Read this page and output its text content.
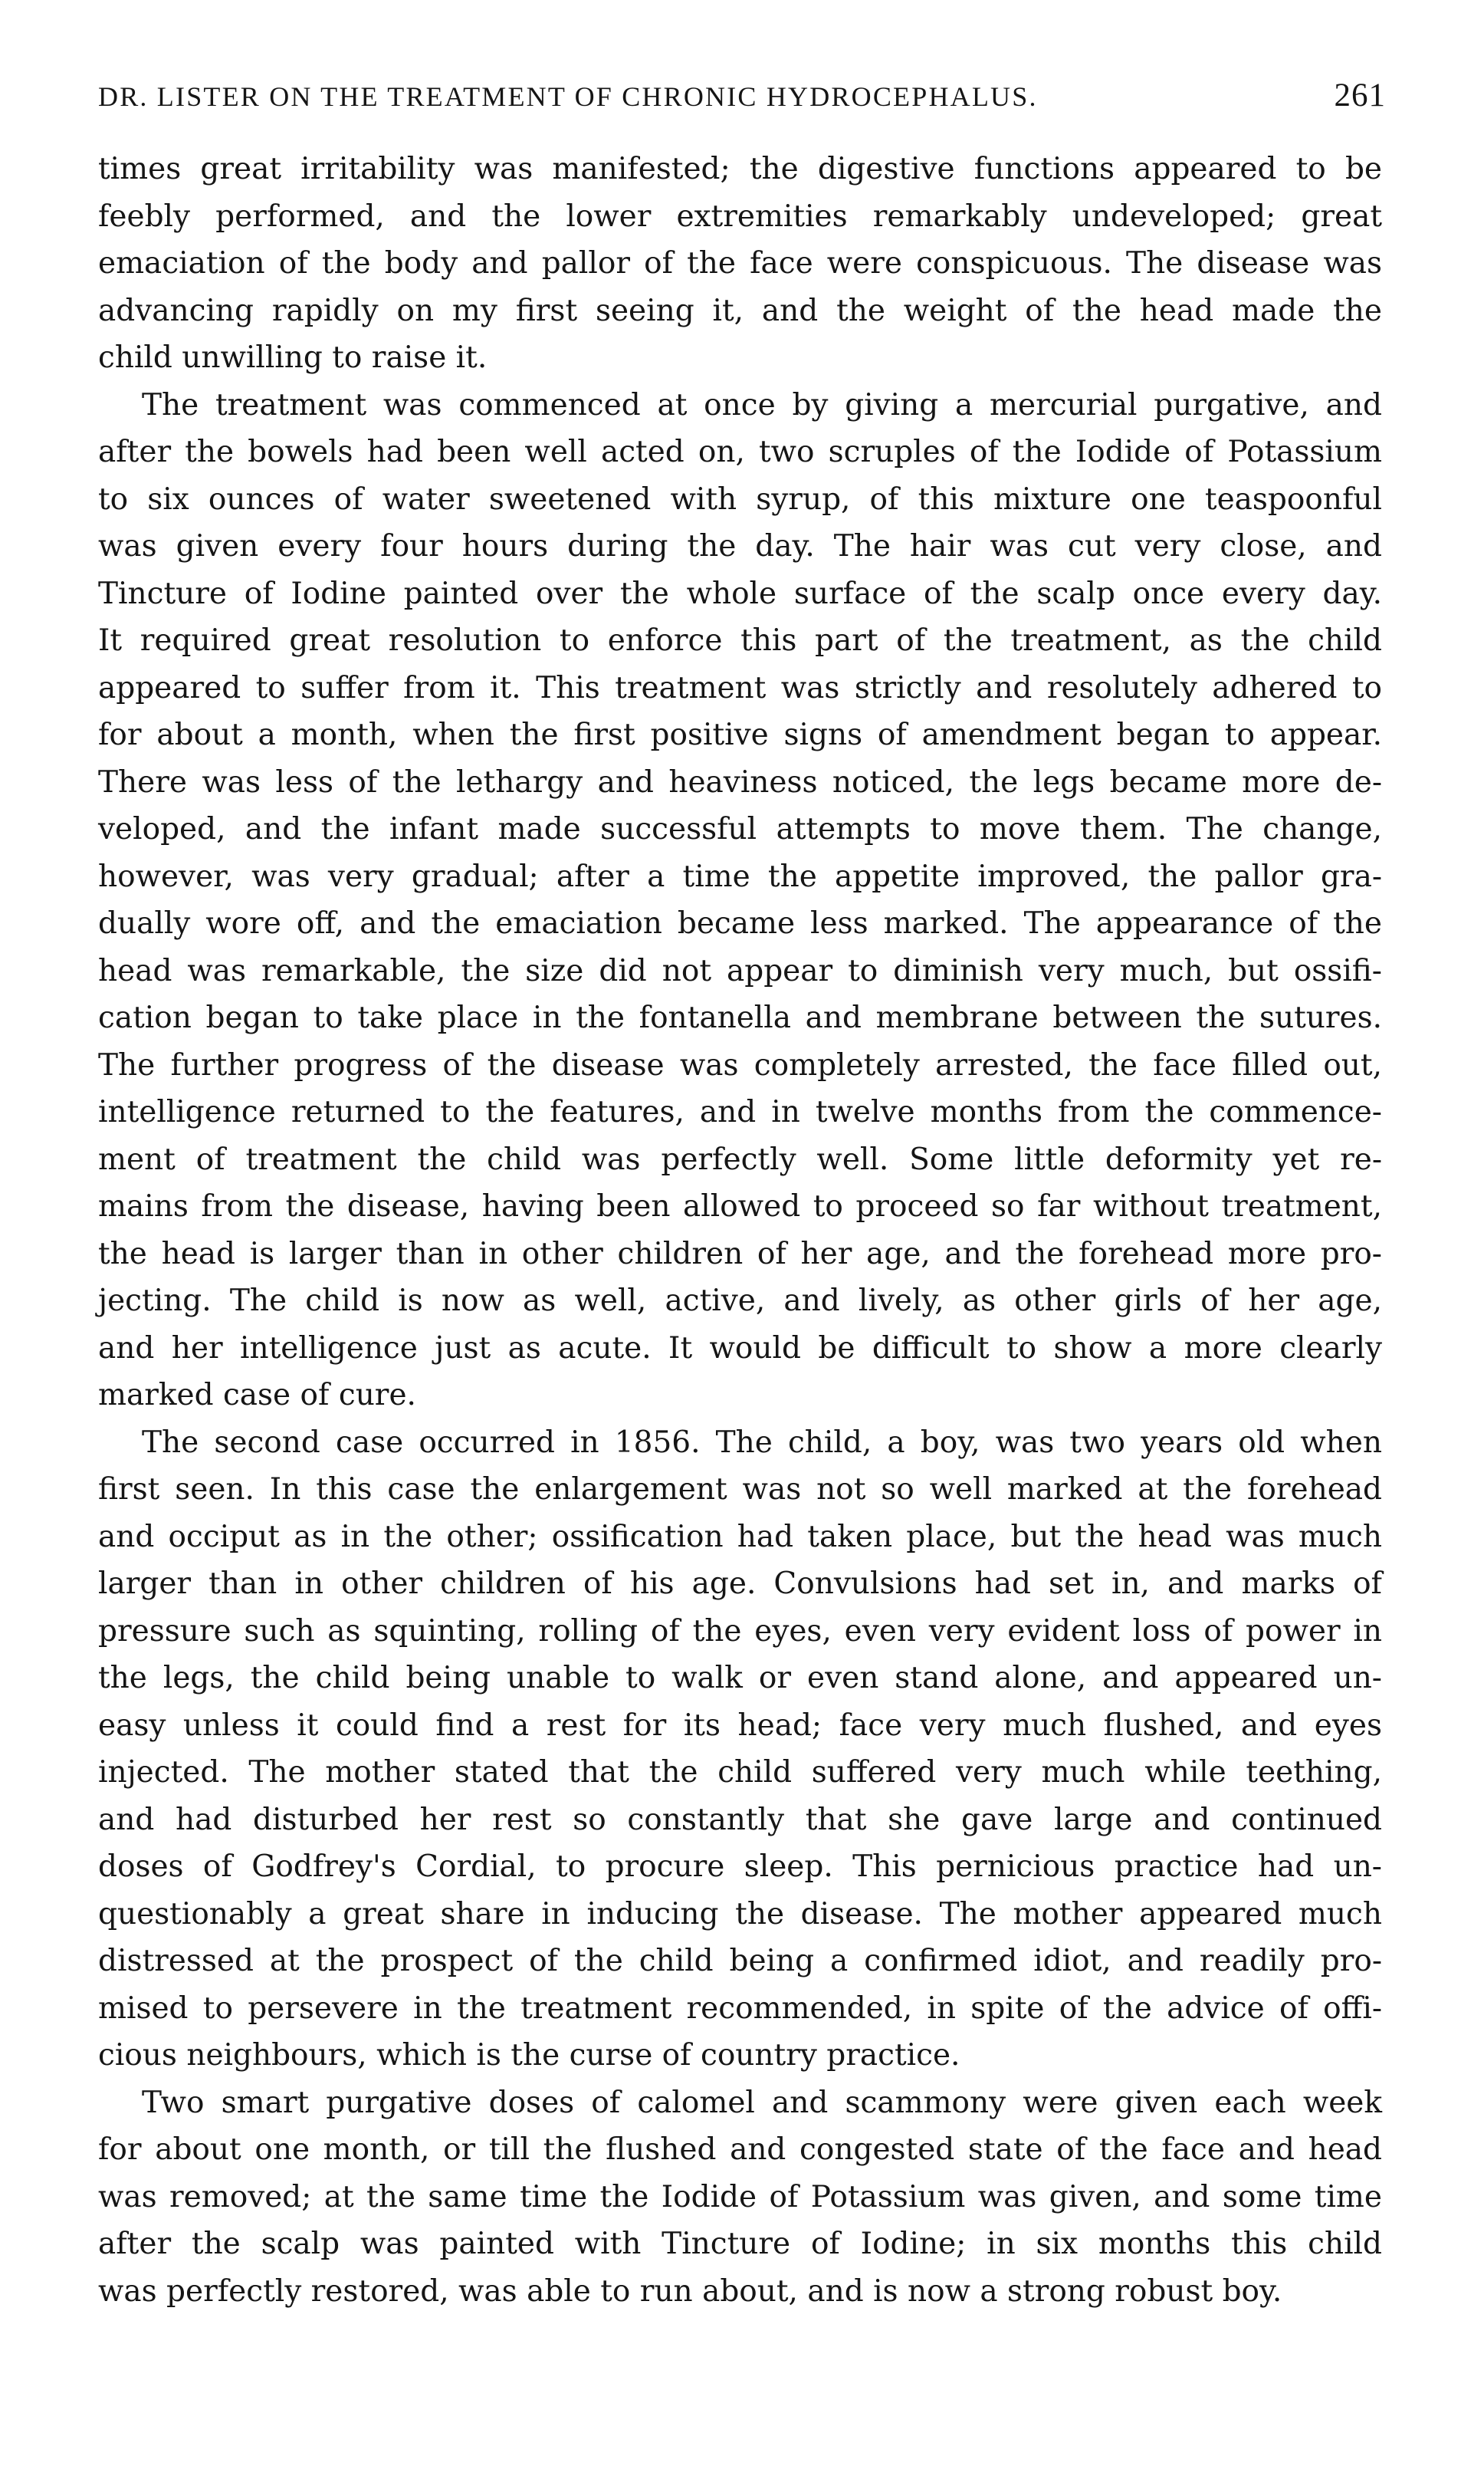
DR. LISTER ON THE TREATMENT OF CHRONIC HYDROCEPHALUS.	261
times great irritability was manifested; the digestive functions appeared to be
feebly performed, and the lower extremities remarkably undeveloped; great
emaciation of the body and pallor of the face were conspicuous. The disease was
advancing rapidly on my first seeing it, and the weight of the head made the
child unwilling to raise it.
The treatment was commenced at once by giving a mercurial purgative, and
after the bowels had been well acted on, two scruples of the Iodide of Potassium
to six ounces of water sweetened with syrup, of this mixture one teaspoonful
was given every four hours during the day. The hair was cut very close, and
Tincture of Iodine painted over the whole surface of the scalp once every day.
It required great resolution to enforce this part of the treatment, as the child
appeared to suffer from it. This treatment was strictly and resolutely adhered to
for about a month, when the first positive signs of amendment began to appear.
There was less of the lethargy and heaviness noticed, the legs became more de-
veloped, and the infant made successful attempts to move them. The change,
however, was very gradual; after a time the appetite improved, the pallor gra-
dually wore off, and the emaciation became less marked. The appearance of the
head was remarkable, the size did not appear to diminish very much, but ossifi-
cation began to take place in the fontanella and membrane between the sutures.
The further progress of the disease was completely arrested, the face filled out,
intelligence returned to the features, and in twelve months from the commence-
ment of treatment the child was perfectly well. Some little deformity yet re-
mains from the disease, having been allowed to proceed so far without treatment,
the head is larger than in other children of her age, and the forehead more pro-
jecting. The child is now as well, active, and lively, as other girls of her age,
and her intelligence just as acute. It would be difficult to show a more clearly
marked case of cure.
The second case occurred in 1856. The child, a boy, was two years old when
first seen. In this case the enlargement was not so well marked at the forehead
and occiput as in the other; ossification had taken place, but the head was much
larger than in other children of his age. Convulsions had set in, and marks of
pressure such as squinting, rolling of the eyes, even very evident loss of power in
the legs, the child being unable to walk or even stand alone, and appeared un-
easy unless it could find a rest for its head; face very much flushed, and eyes
injected. The mother stated that the child suffered very much while teething,
and had disturbed her rest so constantly that she gave large and continued
doses of Godfrey's Cordial, to procure sleep. This pernicious practice had un-
questionably a great share in inducing the disease. The mother appeared much
distressed at the prospect of the child being a confirmed idiot, and readily pro-
mised to persevere in the treatment recommended, in spite of the advice of offi-
cious neighbours, which is the curse of country practice.
Two smart purgative doses of calomel and scammony were given each week
for about one month, or till the flushed and congested state of the face and head
was removed; at the same time the Iodide of Potassium was given, and some time
after the scalp was painted with Tincture of Iodine; in six months this child
was perfectly restored, was able to run about, and is now a strong robust boy.
